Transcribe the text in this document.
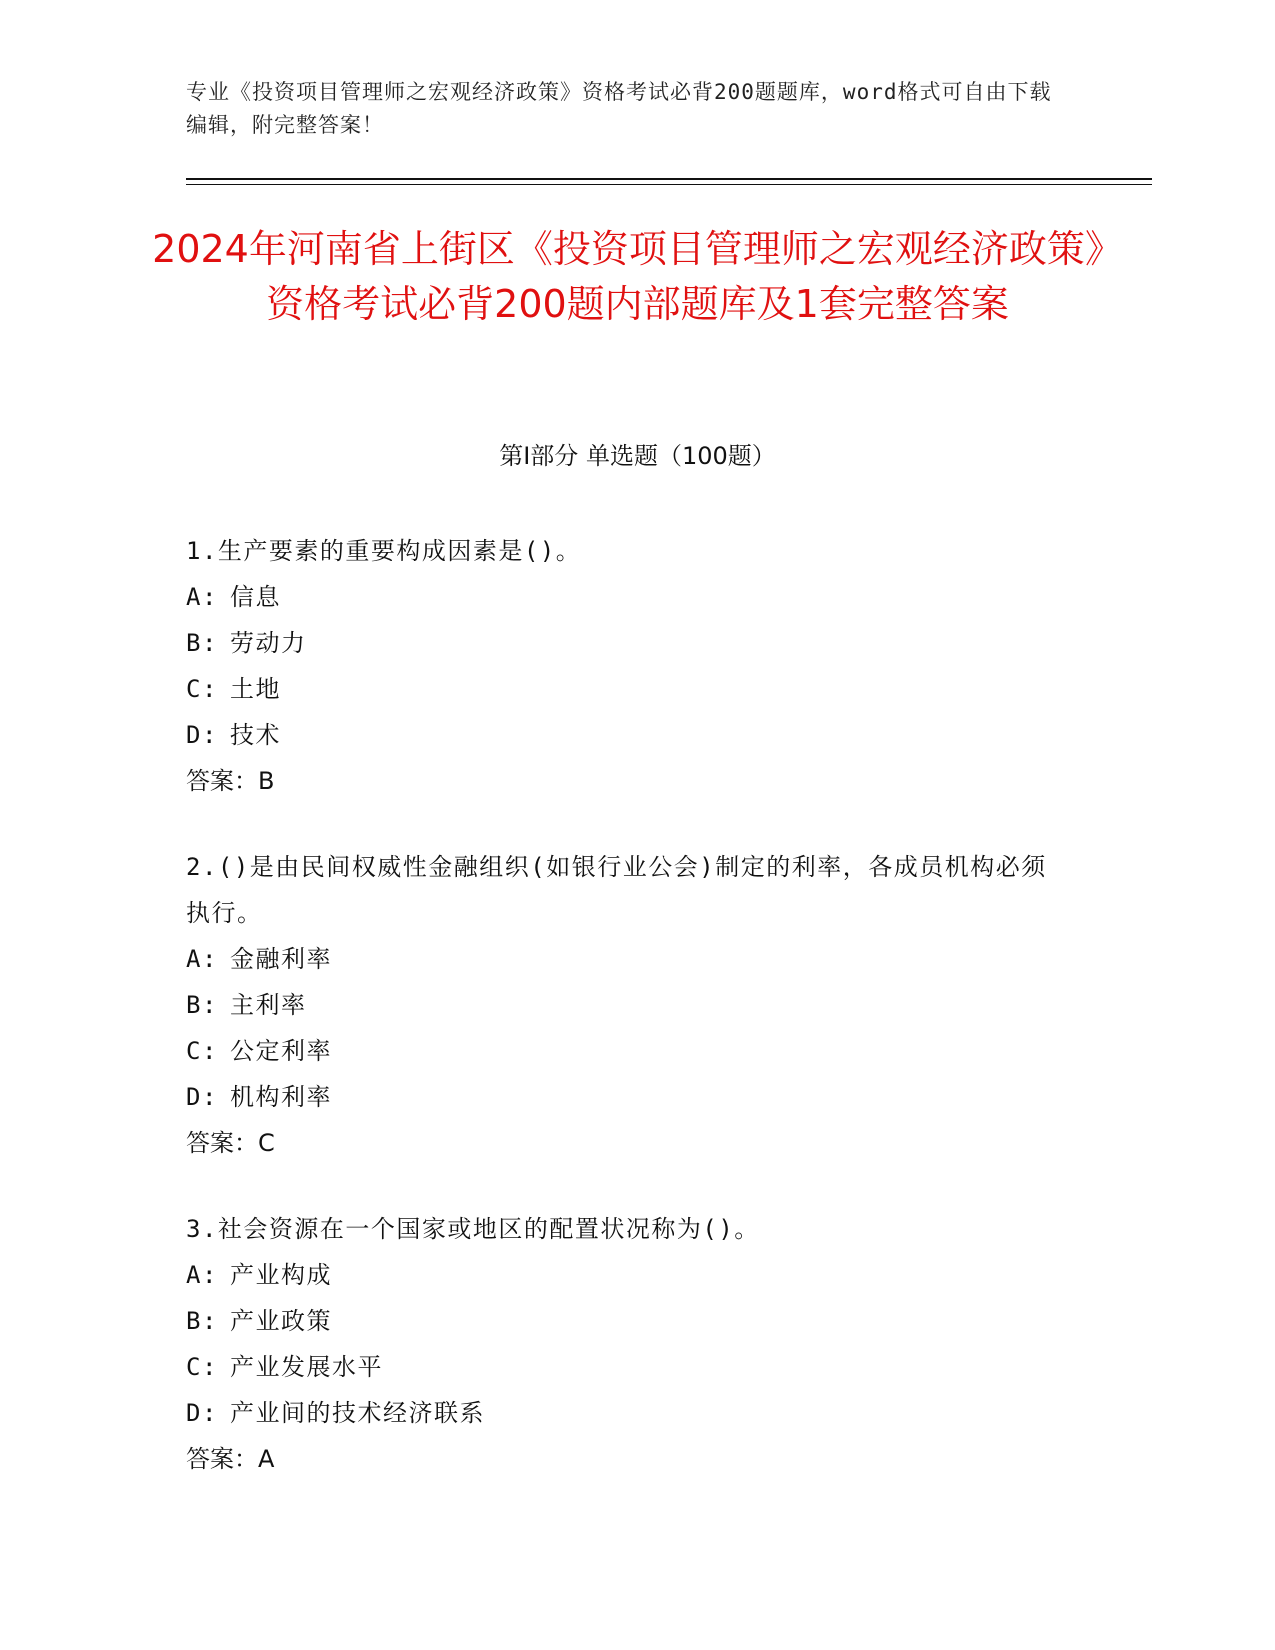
专业《投资项目管理师之宏观经济政策》资格考试必背200题题库，word格式可自由下载编辑，附完整答案！
2024年河南省上街区《投资项目管理师之宏观经济政策》资格考试必背200题内部题库及1套完整答案
第Ⅰ部分 单选题（100题）
1.生产要素的重要构成因素是()。
A: 信息
B: 劳动力
C: 土地
D: 技术
答案：B
2.()是由民间权威性金融组织(如银行业公会)制定的利率，各成员机构必须执行。
A: 金融利率
B: 主利率
C: 公定利率
D: 机构利率
答案：C
3.社会资源在一个国家或地区的配置状况称为()。
A: 产业构成
B: 产业政策
C: 产业发展水平
D: 产业间的技术经济联系
答案：A
